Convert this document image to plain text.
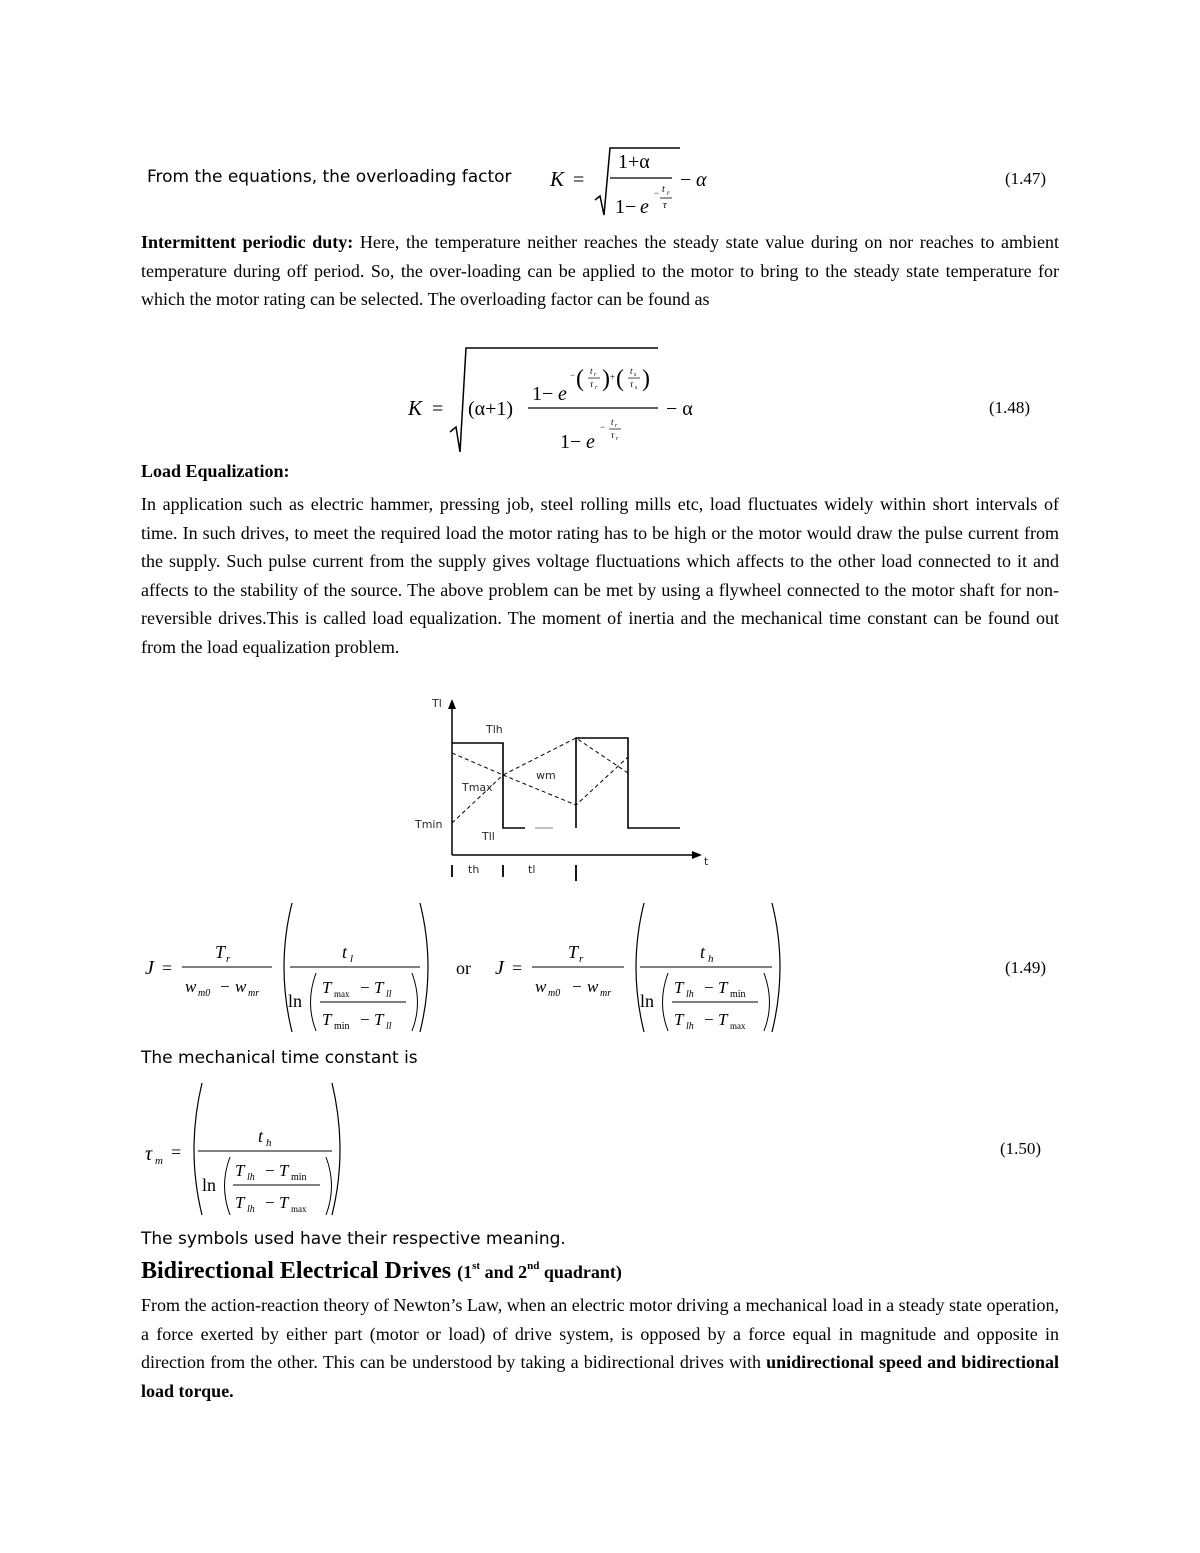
From the equations, the overloading factor K =
1+α
1− e
− t r
τ
− α	(1.47)
Intermittent periodic duty: Here, the temperature neither reaches the steady state value during on nor reaches to ambient temperature during off period. So, the over-loading can be applied to the motor to bring to the steady state temperature for which the motor rating can be selected. The overloading factor can be found as
K = (α+1)
1− e
− ( t r
τ r ) + ( t s
τ s )
1− e
− t r
τ r
− α	(1.48)
Load Equalization:
In application such as electric hammer, pressing job, steel rolling mills etc, load fluctuates widely within short intervals of time. In such drives, to meet the required load the motor rating has to be high or the motor would draw the pulse current from the supply. Such pulse current from the supply gives voltage fluctuations which affects to the other load connected to it and affects to the stability of the source. The above problem can be met by using a flywheel connected to the motor shaft for non-reversible drives.This is called load equalization. The moment of inertia and the mechanical time constant can be found out from the load equalization problem.
Tl
t
Tlh
Tmax
wm
Tmin
Tll
th	tl
J =
T r
w m0 − w mr
t l
ln
T max − T ll
T min − T ll
or J =
T r
w m0 − w mr
t h
ln
T lh − T min
T lh − T max
(1.49)
The mechanical time constant is
τ m =
t h
ln
T lh − T min
T lh − T max
(1.50)
The symbols used have their respective meaning.
Bidirectional Electrical Drives (1st and 2nd quadrant)
From the action-reaction theory of Newton’s Law, when an electric motor driving a mechanical load in a steady state operation, a force exerted by either part (motor or load) of drive system, is opposed by a force equal in magnitude and opposite in direction from the other. This can be understood by taking a bidirectional drives with unidirectional speed and bidirectional load torque.
